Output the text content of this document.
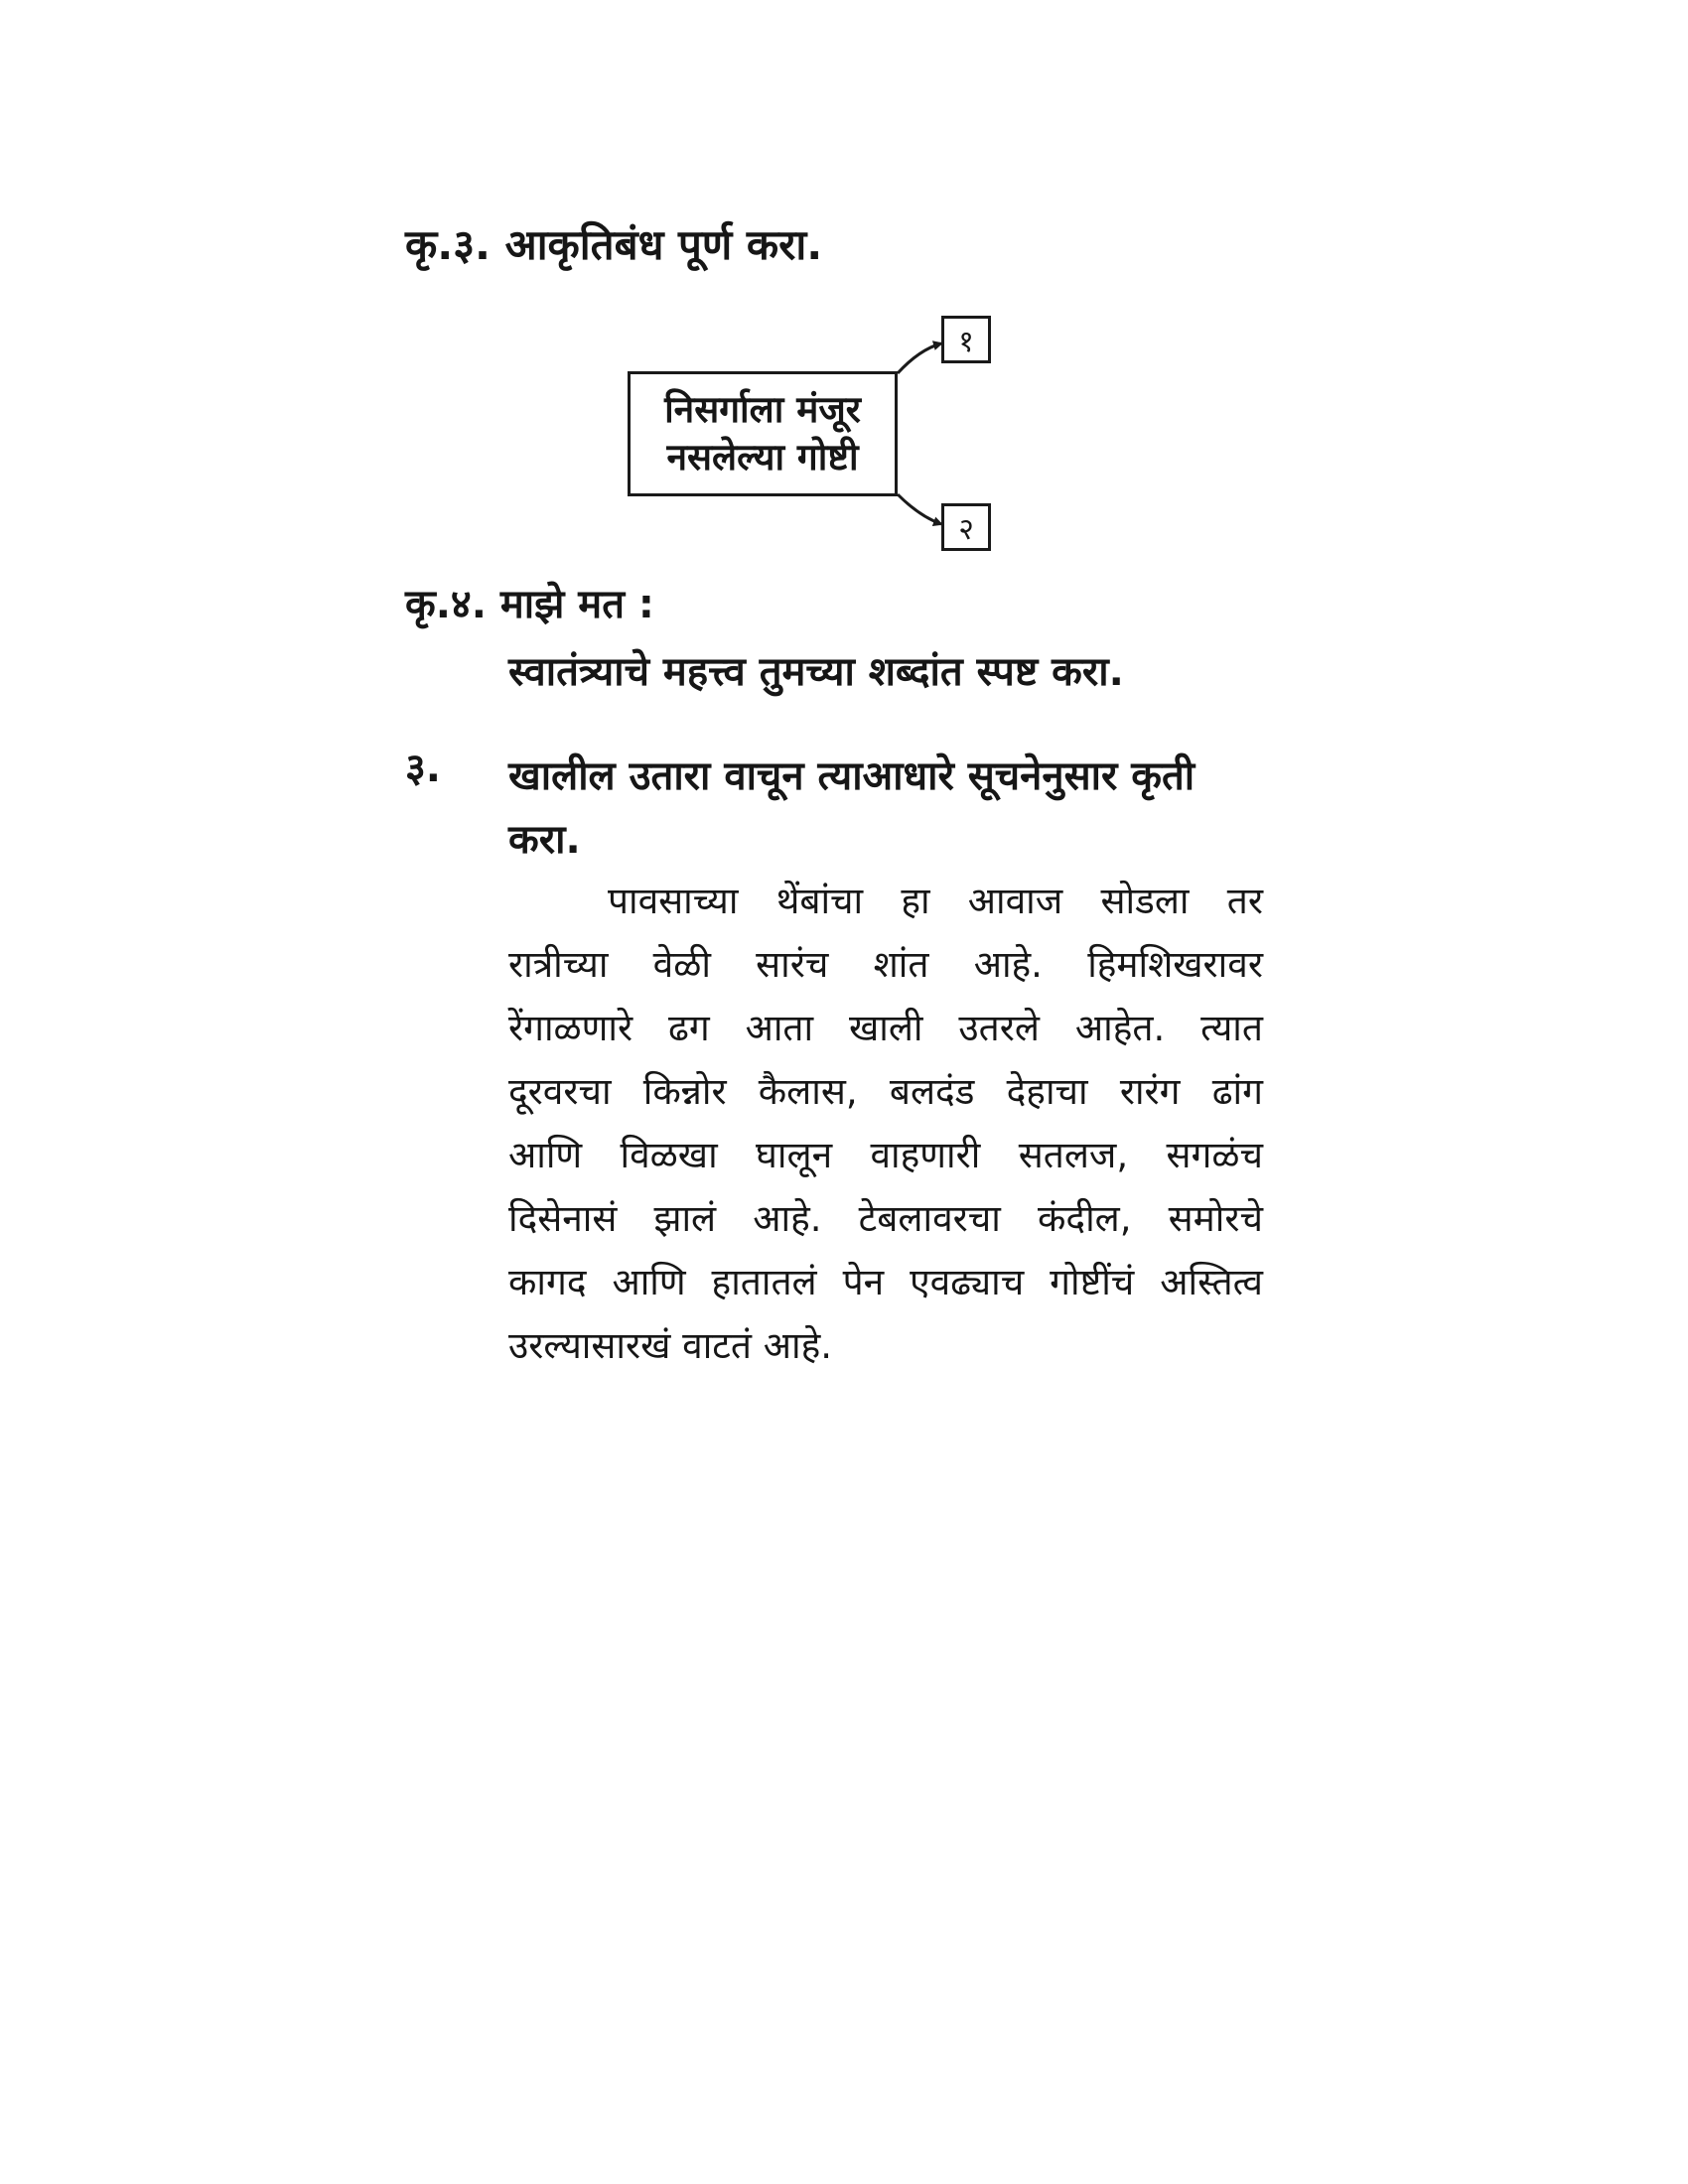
कृ.३. आकृतिबंध पूर्ण करा.
निसर्गाला मंजूर
नसलेल्या गोष्टी
१
२
कृ.४. माझे मत :
स्वातंत्र्याचे महत्त्व तुमच्या शब्दांत स्पष्ट करा.
३. खालील उतारा वाचून त्याआधारे सूचनेनुसार कृती करा.
पावसाच्या थेंबांचा हा आवाज सोडला तर
रात्रीच्या वेळी सारंच शांत आहे. हिमशिखरावर
रेंगाळणारे ढग आता खाली उतरले आहेत. त्यात
दूरवरचा किन्नोर कैलास, बलदंड देहाचा रारंग ढांग
आणि विळखा घालून वाहणारी सतलज, सगळंच
दिसेनासं झालं आहे. टेबलावरचा कंदील, समोरचे
कागद आणि हातातलं पेन एवढ्याच गोष्टींचं अस्तित्व
उरल्यासारखं वाटतं आहे.
